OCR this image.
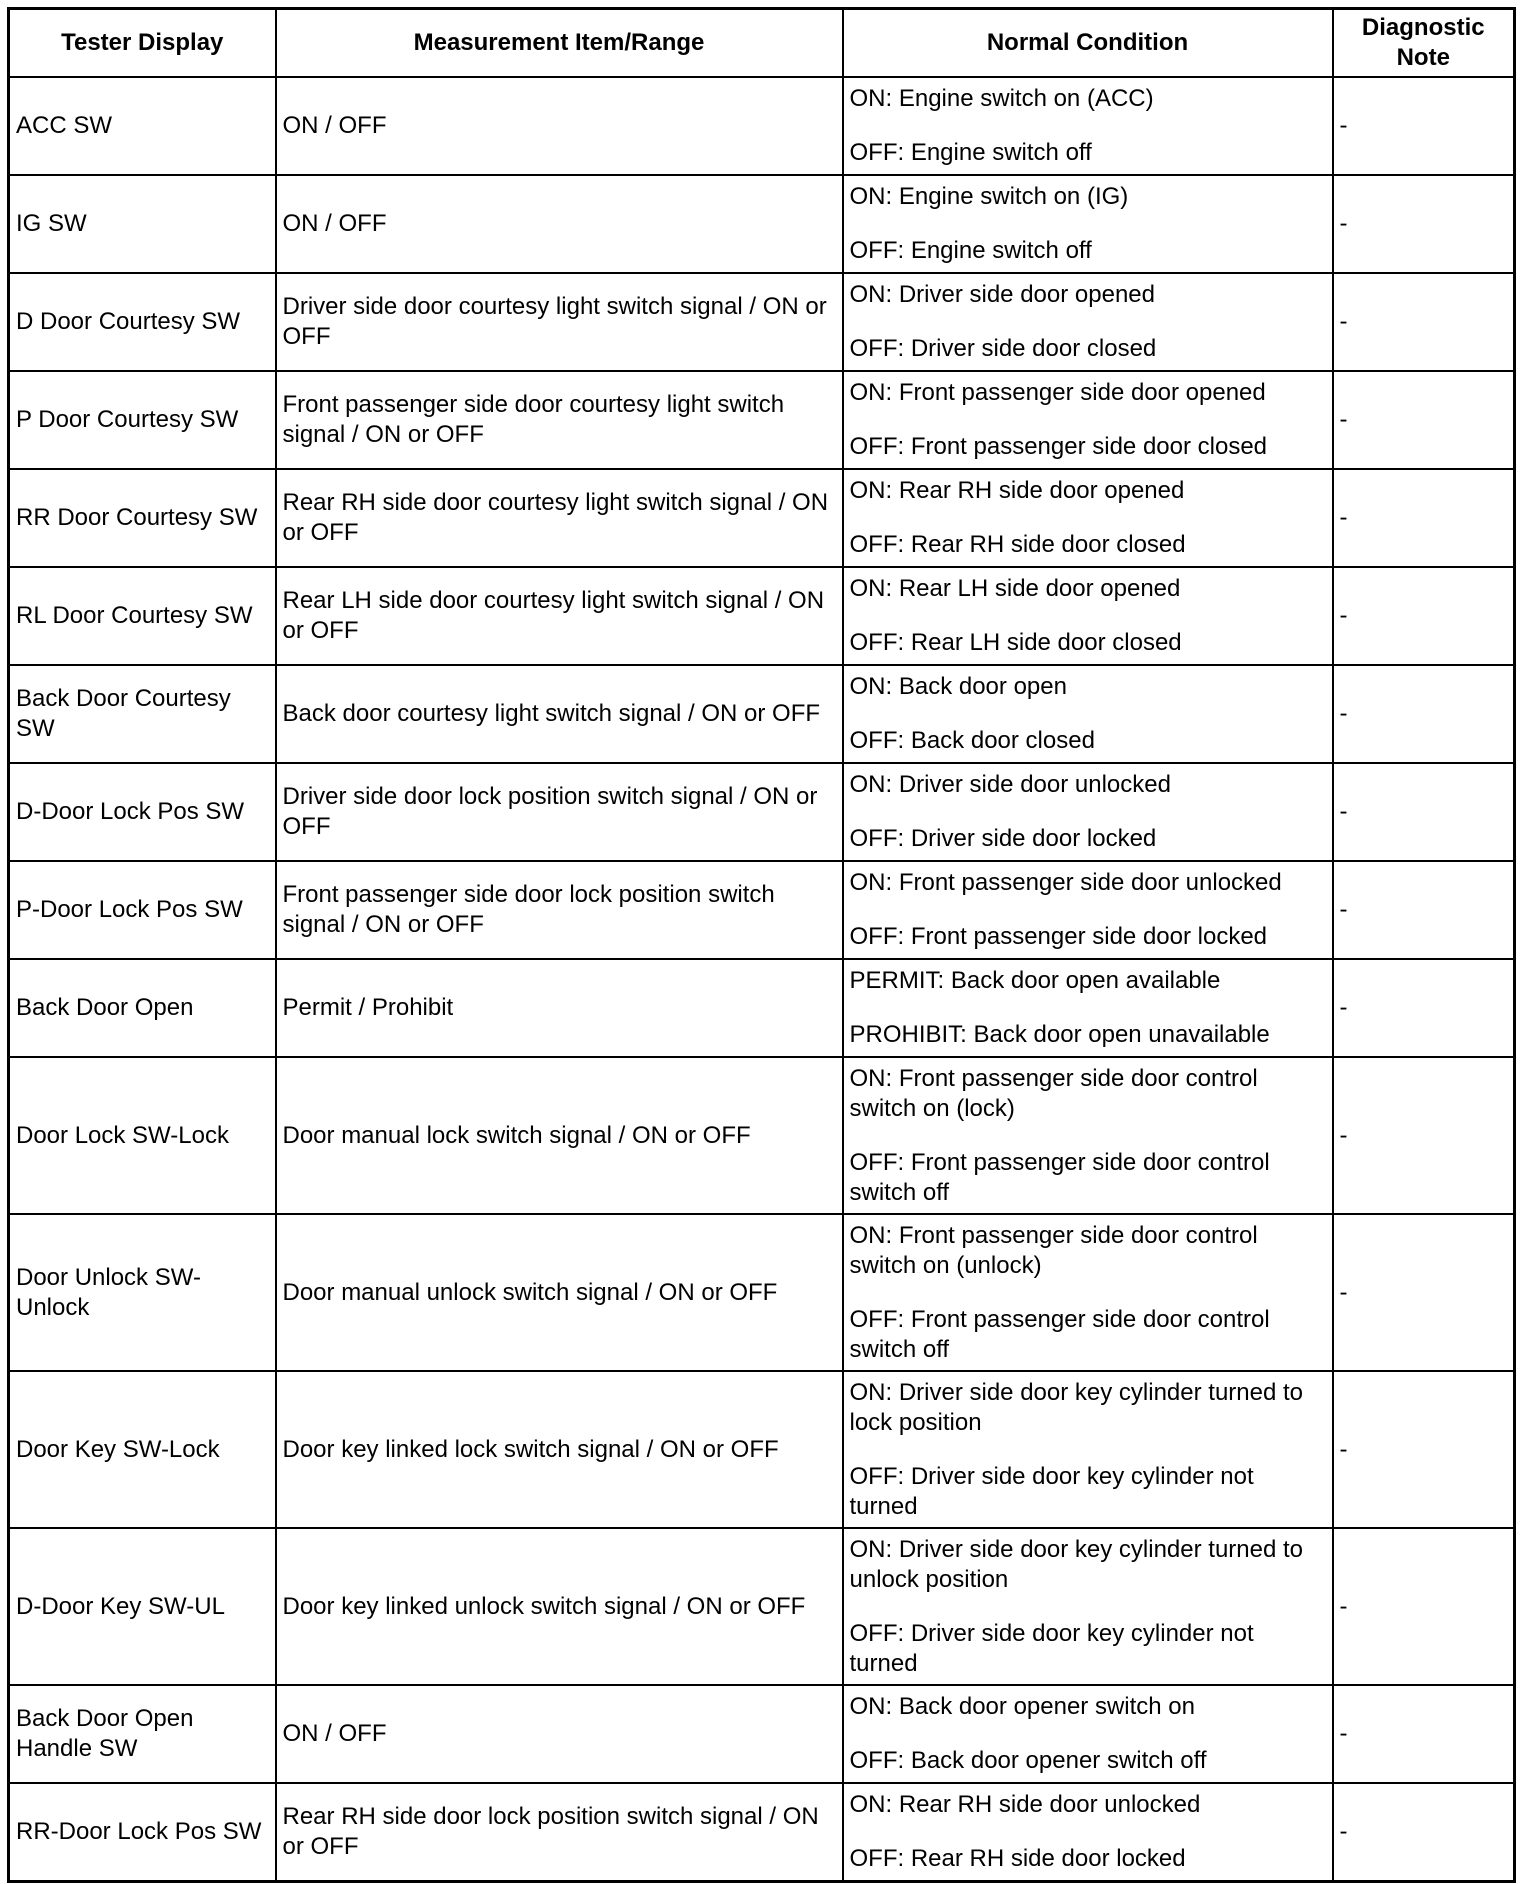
Tester Display	Measurement Item/Range	Normal Condition	Diagnostic Note
ACC SW	ON / OFF	ON: Engine switch on (ACC)
OFF: Engine switch off	-
IG SW	ON / OFF	ON: Engine switch on (IG)
OFF: Engine switch off	-
D Door Courtesy SW	Driver side door courtesy light switch signal / ON or OFF	ON: Driver side door opened
OFF: Driver side door closed	-
P Door Courtesy SW	Front passenger side door courtesy light switch signal / ON or OFF	ON: Front passenger side door opened
OFF: Front passenger side door closed	-
RR Door Courtesy SW	Rear RH side door courtesy light switch signal / ON or OFF	ON: Rear RH side door opened
OFF: Rear RH side door closed	-
RL Door Courtesy SW	Rear LH side door courtesy light switch signal / ON or OFF	ON: Rear LH side door opened
OFF: Rear LH side door closed	-
Back Door Courtesy SW	Back door courtesy light switch signal / ON or OFF	ON: Back door open
OFF: Back door closed	-
D-Door Lock Pos SW	Driver side door lock position switch signal / ON or OFF	ON: Driver side door unlocked
OFF: Driver side door locked	-
P-Door Lock Pos SW	Front passenger side door lock position switch signal / ON or OFF	ON: Front passenger side door unlocked
OFF: Front passenger side door locked	-
Back Door Open	Permit / Prohibit	PERMIT: Back door open available
PROHIBIT: Back door open unavailable	-
Door Lock SW-Lock	Door manual lock switch signal / ON or OFF	ON: Front passenger side door control switch on (lock)
OFF: Front passenger side door control switch off	-
Door Unlock SW-Unlock	Door manual unlock switch signal / ON or OFF	ON: Front passenger side door control switch on (unlock)
OFF: Front passenger side door control switch off	-
Door Key SW-Lock	Door key linked lock switch signal / ON or OFF	ON: Driver side door key cylinder turned to lock position
OFF: Driver side door key cylinder not turned	-
D-Door Key SW-UL	Door key linked unlock switch signal / ON or OFF	ON: Driver side door key cylinder turned to unlock position
OFF: Driver side door key cylinder not turned	-
Back Door Open Handle SW	ON / OFF	ON: Back door opener switch on
OFF: Back door opener switch off	-
RR-Door Lock Pos SW	Rear RH side door lock position switch signal / ON or OFF	ON: Rear RH side door unlocked
OFF: Rear RH side door locked	-
